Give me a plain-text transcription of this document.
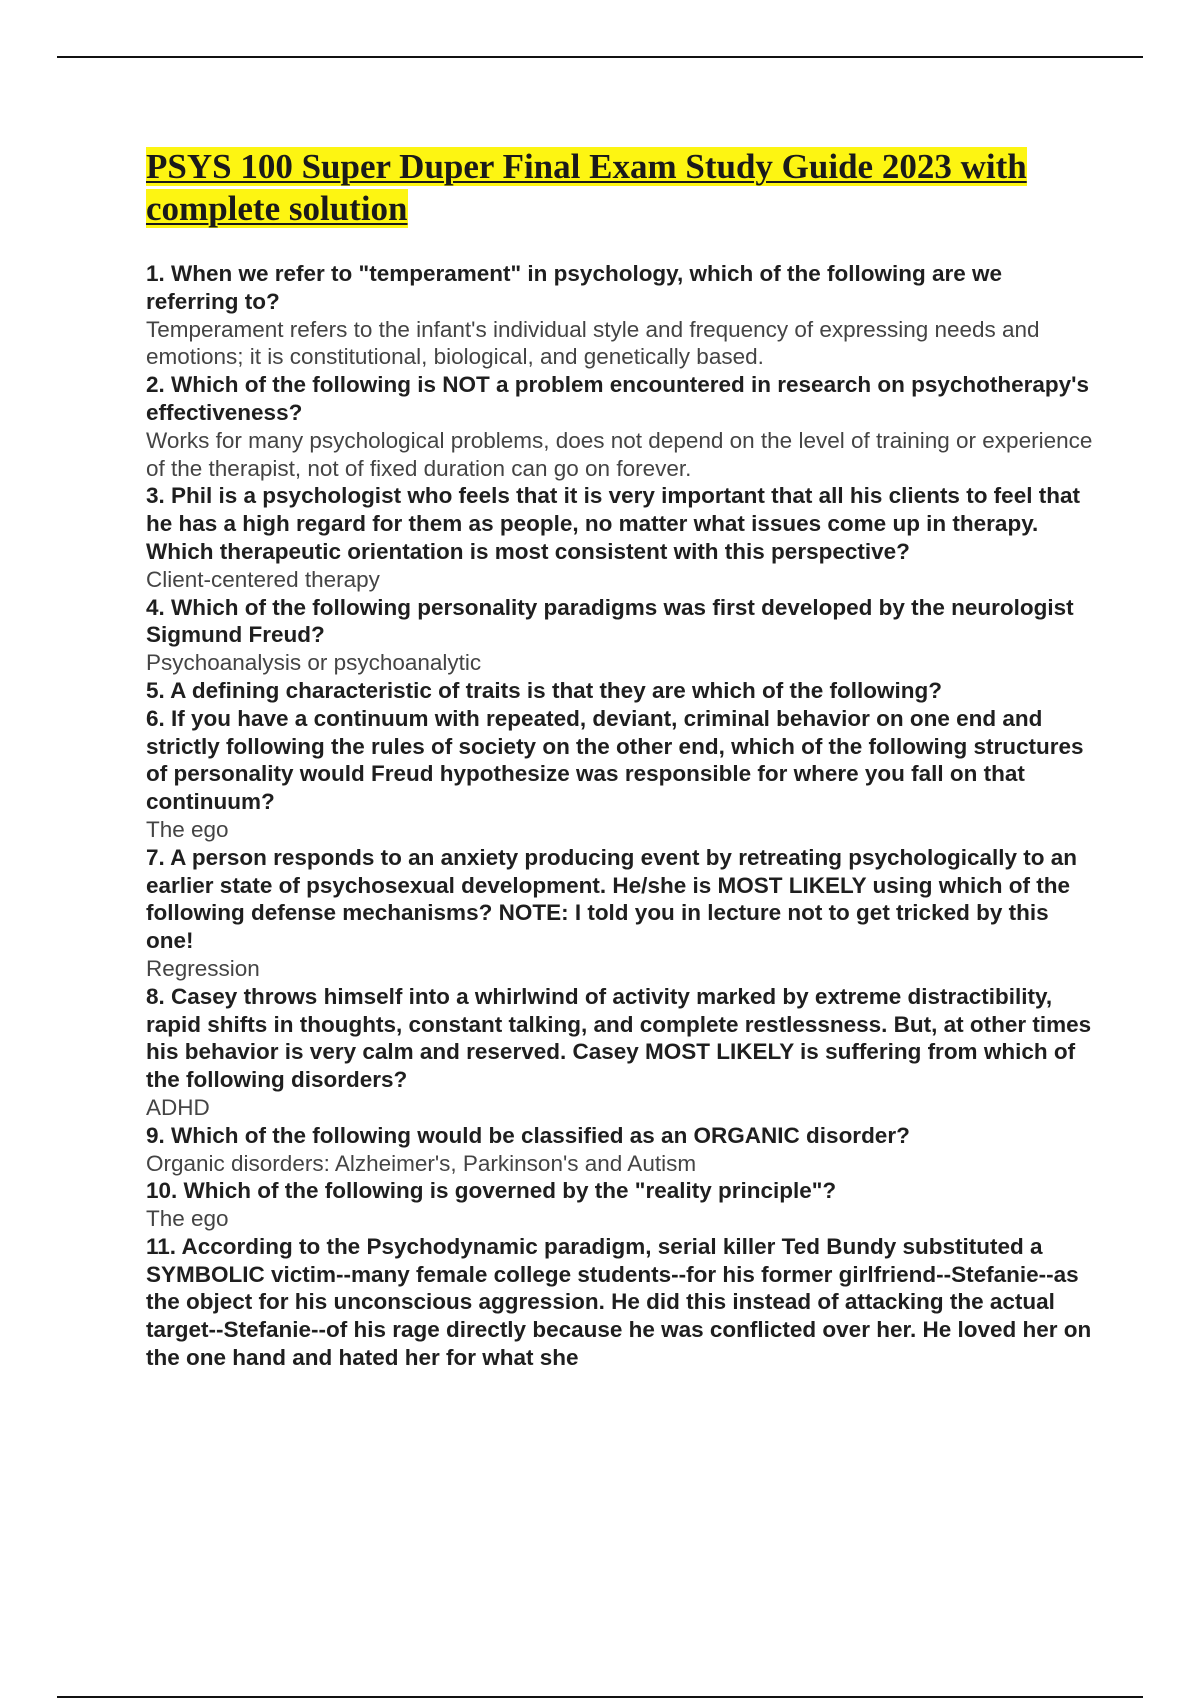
PSYS 100 Super Duper Final Exam Study Guide 2023 with complete solution
1. When we refer to "temperament" in psychology, which of the following are we referring to?
Temperament refers to the infant's individual style and frequency of expressing needs and emotions; it is constitutional, biological, and genetically based.
2. Which of the following is NOT a problem encountered in research on psychotherapy's effectiveness?
Works for many psychological problems, does not depend on the level of training or experience of the therapist, not of fixed duration can go on forever.
3. Phil is a psychologist who feels that it is very important that all his clients to feel that he has a high regard for them as people, no matter what issues come up in therapy. Which therapeutic orientation is most consistent with this perspective?
Client-centered therapy
4. Which of the following personality paradigms was first developed by the neurologist Sigmund Freud?
Psychoanalysis or psychoanalytic
5. A defining characteristic of traits is that they are which of the following?
6. If you have a continuum with repeated, deviant, criminal behavior on one end and strictly following the rules of society on the other end, which of the following structures of personality would Freud hypothesize was responsible for where you fall on that continuum?
The ego
7. A person responds to an anxiety producing event by retreating psychologically to an earlier state of psychosexual development. He/she is MOST LIKELY using which of the following defense mechanisms? NOTE: I told you in lecture not to get tricked by this one!
Regression
8. Casey throws himself into a whirlwind of activity marked by extreme distractibility, rapid shifts in thoughts, constant talking, and complete restlessness. But, at other times his behavior is very calm and reserved. Casey MOST LIKELY is suffering from which of the following disorders?
ADHD
9. Which of the following would be classified as an ORGANIC disorder?
Organic disorders: Alzheimer's, Parkinson's and Autism
10. Which of the following is governed by the "reality principle"?
The ego
11. According to the Psychodynamic paradigm, serial killer Ted Bundy substituted a SYMBOLIC victim--many female college students--for his former girlfriend--Stefanie--as the object for his unconscious aggression. He did this instead of attacking the actual target--Stefanie--of his rage directly because he was conflicted over her. He loved her on the one hand and hated her for what she
